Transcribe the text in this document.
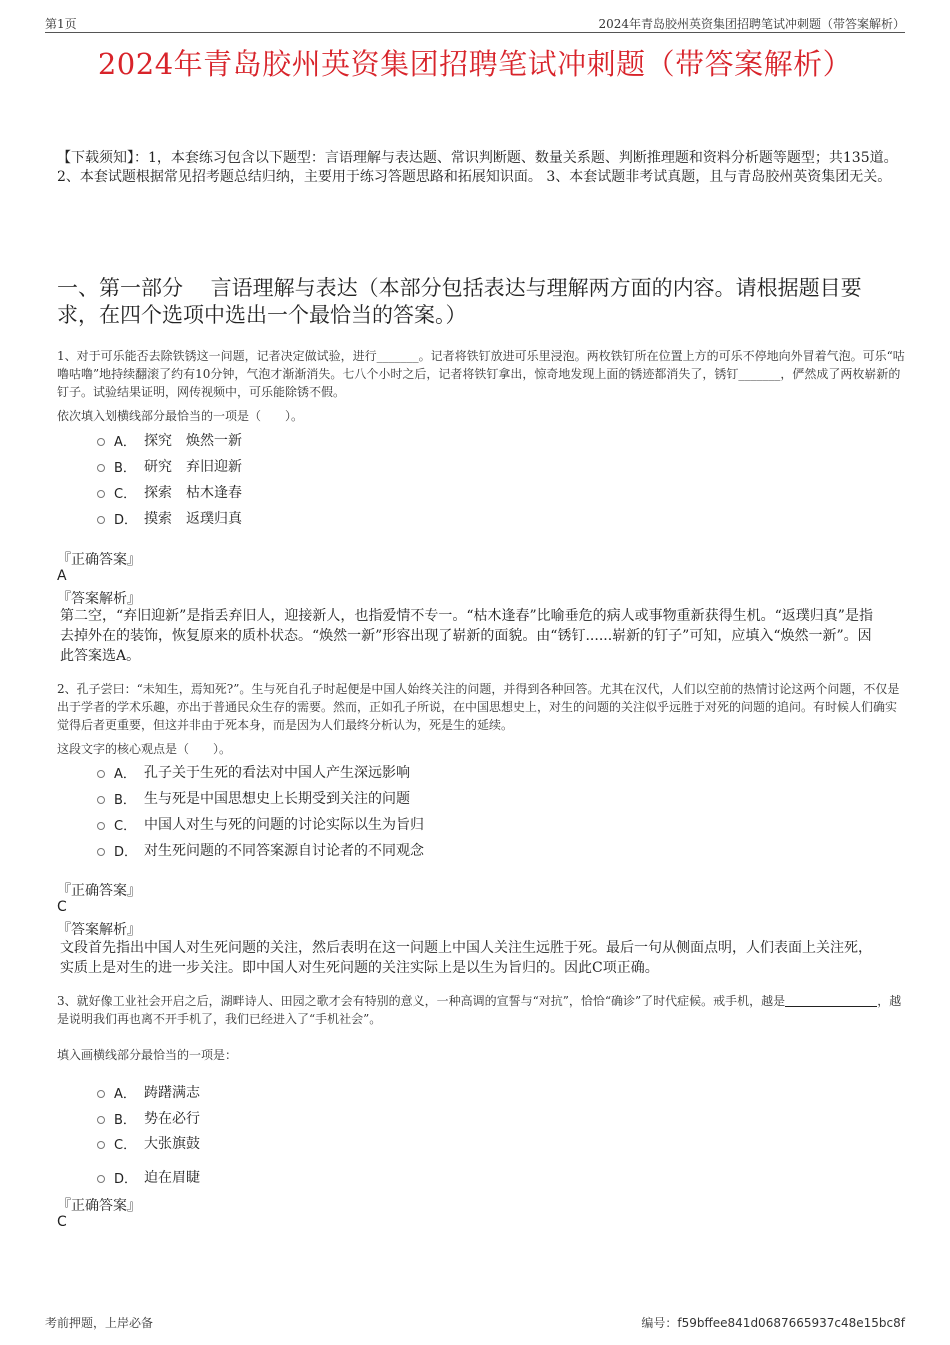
第1页	2024年青岛胶州英资集团招聘笔试冲刺题（带答案解析）
2024年青岛胶州英资集团招聘笔试冲刺题（带答案解析）
【下载须知】：1，本套练习包含以下题型：言语理解与表达题、常识判断题、数量关系题、判断推理题和资料分析题等题型；共135道。 2、本套试题根据常见招考题总结归纳，主要用于练习答题思路和拓展知识面。 3、本套试题非考试真题，且与青岛胶州英资集团无关。
一、第一部分　 言语理解与表达（本部分包括表达与理解两方面的内容。请根据题目要求，在四个选项中选出一个最恰当的答案。）
1、对于可乐能否去除铁锈这一问题，记者决定做试验，进行_______。记者将铁钉放进可乐里浸泡。两枚铁钉所在位置上方的可乐不停地向外冒着气泡。可乐“咕噜咕噜”地持续翻滚了约有10分钟，气泡才渐渐消失。七八个小时之后，记者将铁钉拿出，惊奇地发现上面的锈迹都消失了，锈钉_______，俨然成了两枚崭新的钉子。试验结果证明，网传视频中，可乐能除锈不假。
依次填入划横线部分最恰当的一项是（　　）。
A． 探究　焕然一新
B． 研究　弃旧迎新
C． 探索　枯木逢春
D． 摸索　返璞归真
『正确答案』
A
『答案解析』
第二空，“弃旧迎新”是指丢弃旧人，迎接新人，也指爱情不专一。“枯木逢春”比喻垂危的病人或事物重新获得生机。“返璞归真”是指去掉外在的装饰，恢复原来的质朴状态。“焕然一新”形容出现了崭新的面貌。由“锈钉......崭新的钉子”可知，应填入“焕然一新”。因此答案选A。
2、孔子尝曰：“未知生，焉知死?”。生与死自孔子时起便是中国人始终关注的问题，并得到各种回答。尤其在汉代，人们以空前的热情讨论这两个问题，不仅是出于学者的学术乐趣，亦出于普通民众生存的需要。然而，正如孔子所说，在中国思想史上，对生的问题的关注似乎远胜于对死的问题的追问。有时候人们确实觉得后者更重要，但这并非由于死本身，而是因为人们最终分析认为，死是生的延续。
这段文字的核心观点是（　　）。
A． 孔子关于生死的看法对中国人产生深远影响
B． 生与死是中国思想史上长期受到关注的问题
C． 中国人对生与死的问题的讨论实际以生为旨归
D． 对生死问题的不同答案源自讨论者的不同观念
『正确答案』
C
『答案解析』
文段首先指出中国人对生死问题的关注，然后表明在这一问题上中国人关注生远胜于死。最后一句从侧面点明，人们表面上关注死，实质上是对生的进一步关注。即中国人对生死问题的关注实际上是以生为旨归的。因此C项正确。
3、就好像工业社会开启之后，湖畔诗人、田园之歌才会有特别的意义，一种高调的宣誓与“对抗”，恰恰“确诊”了时代症候。戒手机，越是	，越是说明我们再也离不开手机了，我们已经进入了“手机社会”。
填入画横线部分最恰当的一项是：
A． 踌躇满志
B． 势在必行
C． 大张旗鼓
D． 迫在眉睫
『正确答案』
C
考前押题，上岸必备	编号：f59bffee841d0687665937c48e15bc8f
